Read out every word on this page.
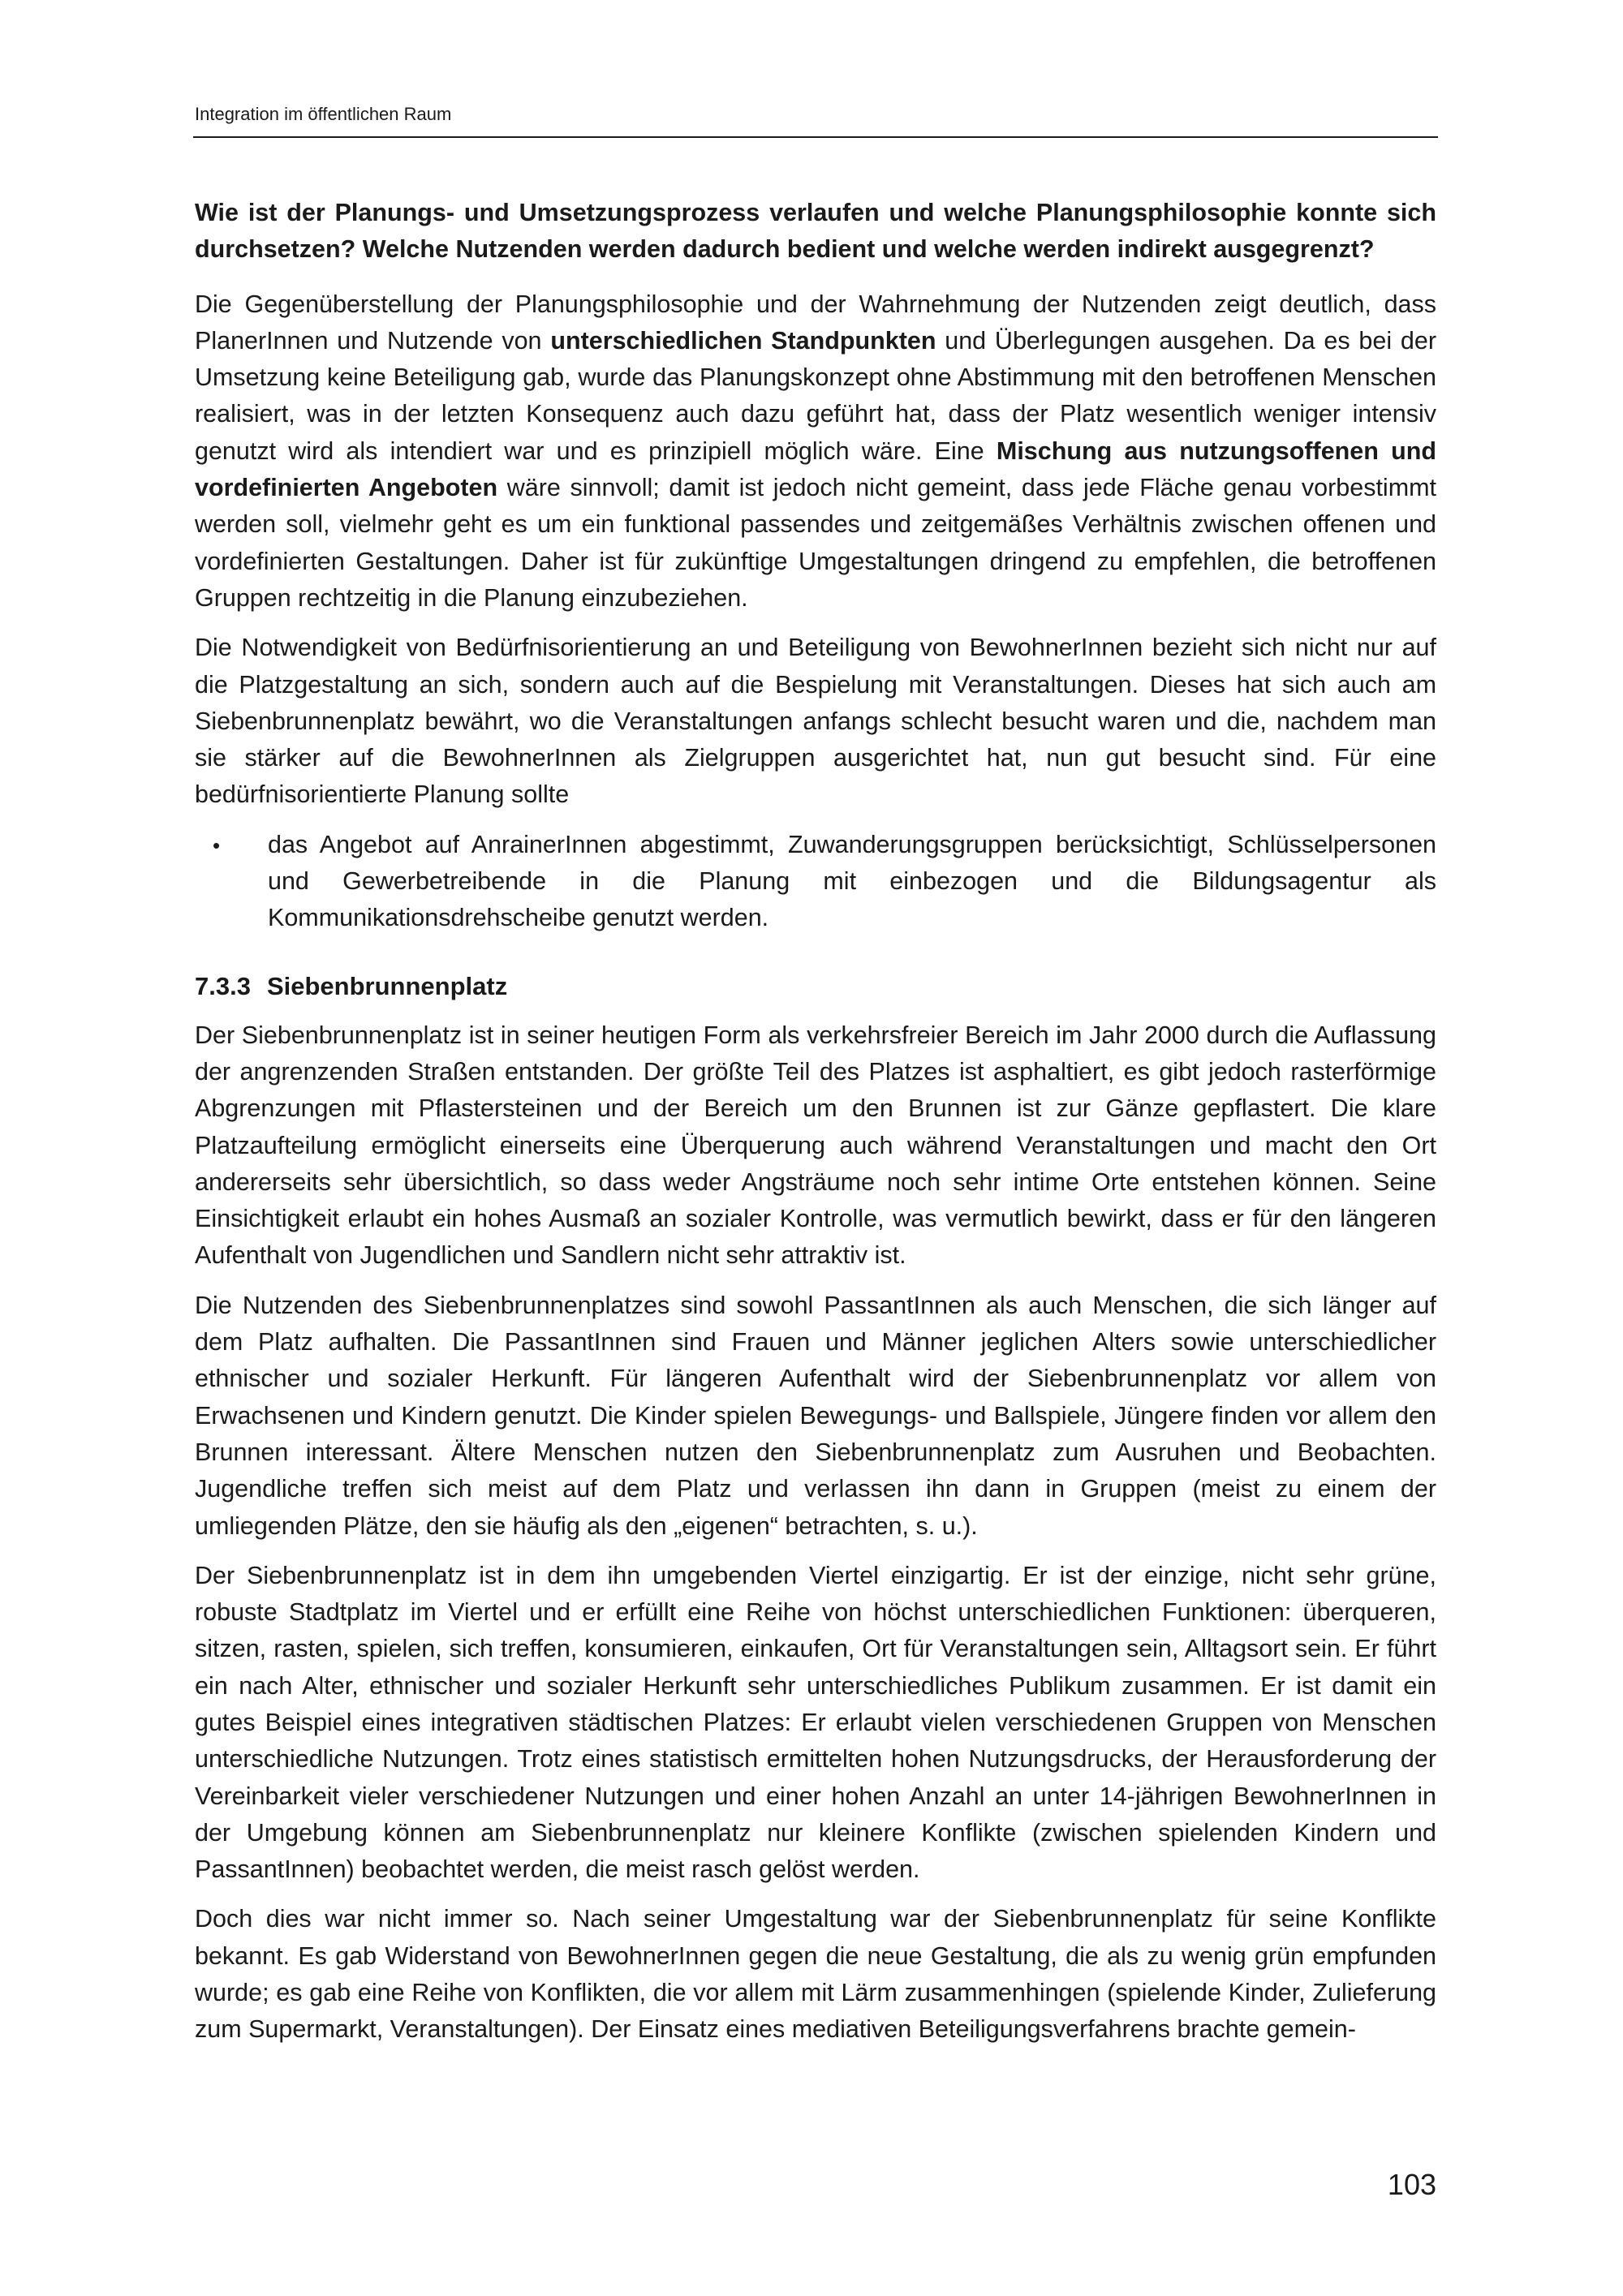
Integration im öffentlichen Raum

Wie ist der Planungs- und Umsetzungsprozess verlaufen und welche Planungsphilosophie konnte sich durchsetzen? Welche Nutzenden werden dadurch bedient und welche werden indirekt ausgegrenzt?

Die Gegenüberstellung der Planungsphilosophie und der Wahrnehmung der Nutzenden zeigt deutlich, dass PlanerInnen und Nutzende von unterschiedlichen Standpunkten und Überlegungen ausgehen. Da es bei der Umsetzung keine Beteiligung gab, wurde das Planungskonzept ohne Abstimmung mit den betroffenen Menschen realisiert, was in der letzten Konsequenz auch dazu geführt hat, dass der Platz wesentlich weniger intensiv genutzt wird als intendiert war und es prinzipiell möglich wäre. Eine Mischung aus nutzungsoffenen und vordefinierten Angeboten wäre sinnvoll; damit ist jedoch nicht gemeint, dass jede Fläche genau vorbestimmt werden soll, vielmehr geht es um ein funktional passendes und zeitgemäßes Verhältnis zwischen offenen und vordefinierten Gestaltungen. Daher ist für zukünftige Umgestaltungen dringend zu empfehlen, die betroffenen Gruppen rechtzeitig in die Planung einzubeziehen.

Die Notwendigkeit von Bedürfnisorientierung an und Beteiligung von BewohnerInnen bezieht sich nicht nur auf die Platzgestaltung an sich, sondern auch auf die Bespielung mit Veranstaltungen. Dieses hat sich auch am Siebenbrunnenplatz bewährt, wo die Veranstaltungen anfangs schlecht besucht waren und die, nachdem man sie stärker auf die BewohnerInnen als Zielgruppen ausgerichtet hat, nun gut besucht sind. Für eine bedürfnisorientierte Planung sollte

• das Angebot auf AnrainerInnen abgestimmt, Zuwanderungsgruppen berücksichtigt, Schlüsselpersonen und Gewerbetreibende in die Planung mit einbezogen und die Bildungsagentur als Kommunikationsdrehscheibe genutzt werden.
7.3.3 Siebenbrunnenplatz

Der Siebenbrunnenplatz ist in seiner heutigen Form als verkehrsfreier Bereich im Jahr 2000 durch die Auflassung der angrenzenden Straßen entstanden. Der größte Teil des Platzes ist asphaltiert, es gibt jedoch rasterförmige Abgrenzungen mit Pflastersteinen und der Bereich um den Brunnen ist zur Gänze gepflastert. Die klare Platzaufteilung ermöglicht einerseits eine Überquerung auch während Veranstaltungen und macht den Ort andererseits sehr übersichtlich, so dass weder Angsträume noch sehr intime Orte entstehen können. Seine Einsichtigkeit erlaubt ein hohes Ausmaß an sozialer Kontrolle, was vermutlich bewirkt, dass er für den längeren Aufenthalt von Jugendlichen und Sandlern nicht sehr attraktiv ist.

Die Nutzenden des Siebenbrunnenplatzes sind sowohl PassantInnen als auch Menschen, die sich länger auf dem Platz aufhalten. Die PassantInnen sind Frauen und Männer jeglichen Alters sowie unterschiedlicher ethnischer und sozialer Herkunft. Für längeren Aufenthalt wird der Siebenbrunnenplatz vor allem von Erwachsenen und Kindern genutzt. Die Kinder spielen Bewegungs- und Ballspiele, Jüngere finden vor allem den Brunnen interessant. Ältere Menschen nutzen den Siebenbrunnenplatz zum Ausruhen und Beobachten. Jugendliche treffen sich meist auf dem Platz und verlassen ihn dann in Gruppen (meist zu einem der umliegenden Plätze, den sie häufig als den „eigenen“ betrachten, s. u.).

Der Siebenbrunnenplatz ist in dem ihn umgebenden Viertel einzigartig. Er ist der einzige, nicht sehr grüne, robuste Stadtplatz im Viertel und er erfüllt eine Reihe von höchst unterschiedlichen Funktionen: überqueren, sitzen, rasten, spielen, sich treffen, konsumieren, einkaufen, Ort für Veranstaltungen sein, Alltagsort sein. Er führt ein nach Alter, ethnischer und sozialer Herkunft sehr unterschiedliches Publikum zusammen. Er ist damit ein gutes Beispiel eines integrativen städtischen Platzes: Er erlaubt vielen verschiedenen Gruppen von Menschen unterschiedliche Nutzungen. Trotz eines statistisch ermittelten hohen Nutzungsdrucks, der Herausforderung der Vereinbarkeit vieler verschiedener Nutzungen und einer hohen Anzahl an unter 14-jährigen BewohnerInnen in der Umgebung können am Siebenbrunnenplatz nur kleinere Konflikte (zwischen spielenden Kindern und PassantInnen) beobachtet werden, die meist rasch gelöst werden.

Doch dies war nicht immer so. Nach seiner Umgestaltung war der Siebenbrunnenplatz für seine Konflikte bekannt. Es gab Widerstand von BewohnerInnen gegen die neue Gestaltung, die als zu wenig grün empfunden wurde; es gab eine Reihe von Konflikten, die vor allem mit Lärm zusammenhingen (spielende Kinder, Zulieferung zum Supermarkt, Veranstaltungen). Der Einsatz eines mediativen Beteiligungsverfahrens brachte gemein-

103
